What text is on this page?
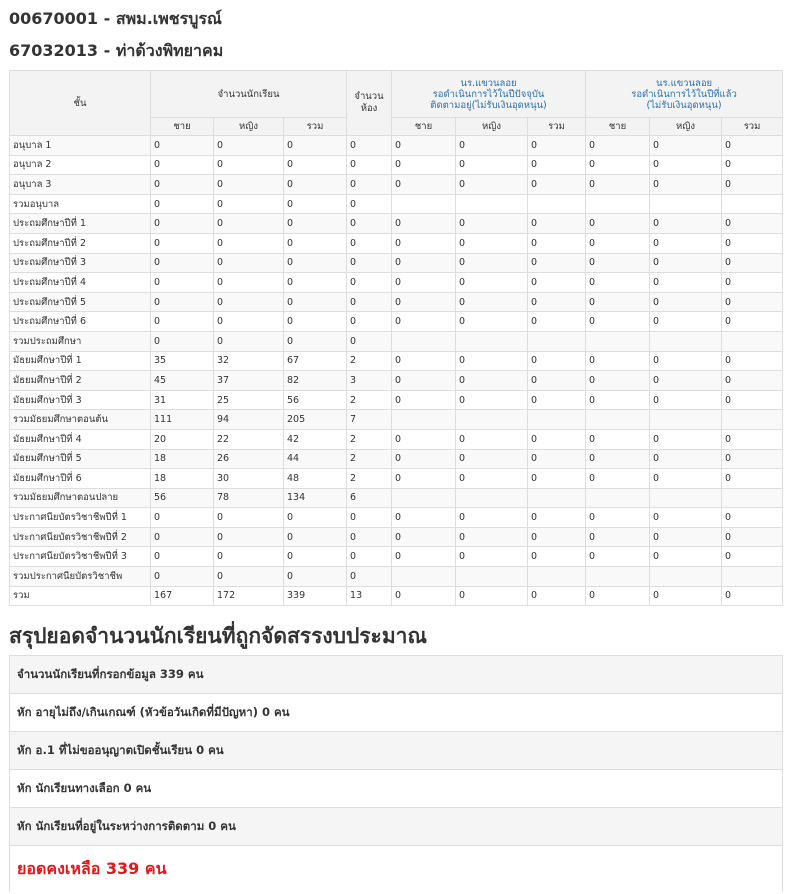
00670001 - สพม.เพชรบูรณ์
67032013 - ท่าด้วงพิทยาคม
ชั้น	จำนวนนักเรียน			จำนวนห้อง	นร.แขวนลอย
รอดำเนินการไว้ในปีปัจจุบัน
ติดตามอยู่(ไม่รับเงินอุดหนุน)			นร.แขวนลอย
รอดำเนินการไว้ในปีที่แล้ว
(ไม่รับเงินอุดหนุน)		
	ชาย	หญิง	รวม		ชาย	หญิง	รวม	ชาย	หญิง	รวม
อนุบาล 1	0	0	0	0	0	0	0	0	0	0
อนุบาล 2	0	0	0	0	0	0	0	0	0	0
อนุบาล 3	0	0	0	0	0	0	0	0	0	0
รวมอนุบาล	0	0	0	0						
ประถมศึกษาปีที่ 1	0	0	0	0	0	0	0	0	0	0
ประถมศึกษาปีที่ 2	0	0	0	0	0	0	0	0	0	0
ประถมศึกษาปีที่ 3	0	0	0	0	0	0	0	0	0	0
ประถมศึกษาปีที่ 4	0	0	0	0	0	0	0	0	0	0
ประถมศึกษาปีที่ 5	0	0	0	0	0	0	0	0	0	0
ประถมศึกษาปีที่ 6	0	0	0	0	0	0	0	0	0	0
รวมประถมศึกษา	0	0	0	0						
มัธยมศึกษาปีที่ 1	35	32	67	2	0	0	0	0	0	0
มัธยมศึกษาปีที่ 2	45	37	82	3	0	0	0	0	0	0
มัธยมศึกษาปีที่ 3	31	25	56	2	0	0	0	0	0	0
รวมมัธยมศึกษาตอนต้น	111	94	205	7						
มัธยมศึกษาปีที่ 4	20	22	42	2	0	0	0	0	0	0
มัธยมศึกษาปีที่ 5	18	26	44	2	0	0	0	0	0	0
มัธยมศึกษาปีที่ 6	18	30	48	2	0	0	0	0	0	0
รวมมัธยมศึกษาตอนปลาย	56	78	134	6						
ประกาศนียบัตรวิชาชีพปีที่ 1	0	0	0	0	0	0	0	0	0	0
ประกาศนียบัตรวิชาชีพปีที่ 2	0	0	0	0	0	0	0	0	0	0
ประกาศนียบัตรวิชาชีพปีที่ 3	0	0	0	0	0	0	0	0	0	0
รวมประกาศนียบัตรวิชาชีพ	0	0	0	0						
รวม	167	172	339	13	0	0	0	0	0	0
สรุปยอดจำนวนนักเรียนที่ถูกจัดสรรงบประมาณ
จำนวนนักเรียนที่กรอกข้อมูล 339 คน
หัก อายุไม่ถึง/เกินเกณฑ์ (หัวข้อวันเกิดที่มีปัญหา) 0 คน
หัก อ.1 ที่ไม่ขออนุญาตเปิดชั้นเรียน 0 คน
หัก นักเรียนทางเลือก 0 คน
หัก นักเรียนที่อยู่ในระหว่างการติดตาม 0 คน
ยอดคงเหลือ 339 คน
